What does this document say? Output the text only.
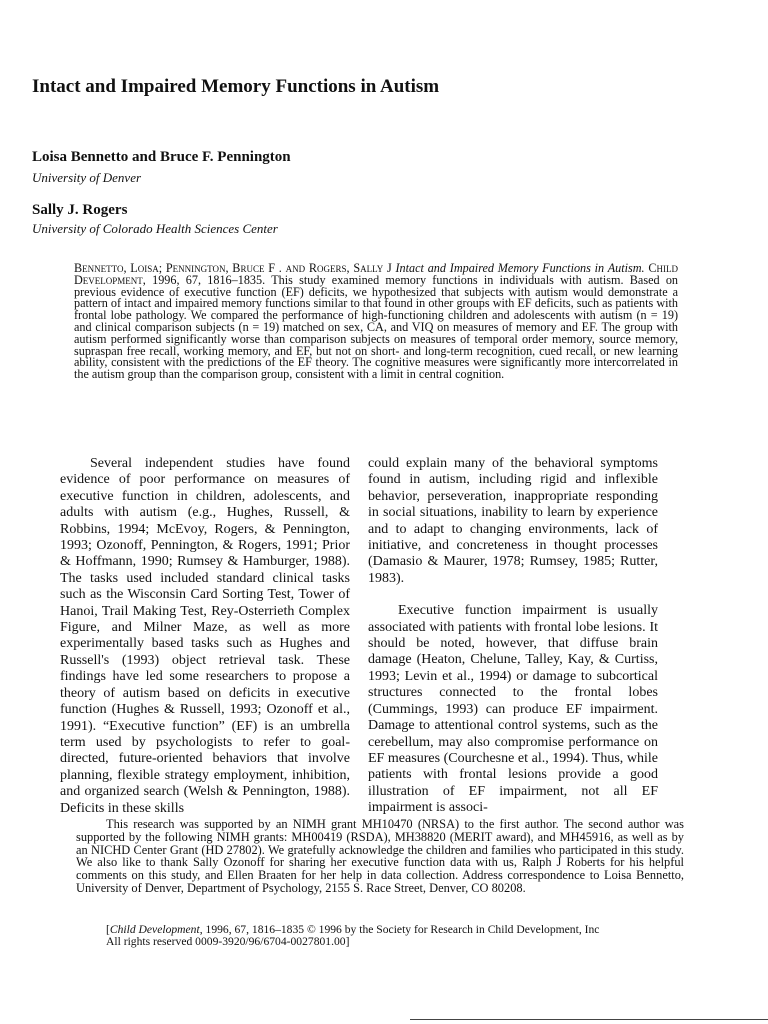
Intact and Impaired Memory Functions in Autism
Loisa Bennetto and Bruce F. Pennington
University of Denver
Sally J. Rogers
University of Colorado Health Sciences Center
Bennetto, Loisa; Pennington, Bruce F . and Rogers, Sally J Intact and Impaired Memory Functions in Autism. Child Development, 1996, 67, 1816–1835. This study examined memory functions in individuals with autism. Based on previous evidence of executive function (EF) deficits, we hypothesized that subjects with autism would demonstrate a pattern of intact and impaired memory functions similar to that found in other groups with EF deficits, such as patients with frontal lobe pathology. We compared the performance of high-functioning children and adolescents with autism (n = 19) and clinical comparison subjects (n = 19) matched on sex, CA, and VIQ on measures of memory and EF. The group with autism performed significantly worse than comparison subjects on measures of temporal order memory, source memory, supraspan free recall, working memory, and EF, but not on short- and long-term recognition, cued recall, or new learning ability, consistent with the predictions of the EF theory. The cognitive measures were significantly more intercorrelated in the autism group than the comparison group, consistent with a limit in central cognition.

Several independent studies have found evidence of poor performance on measures of executive function in children, adolescents, and adults with autism (e.g., Hughes, Russell, & Robbins, 1994; McEvoy, Rogers, & Pennington, 1993; Ozonoff, Pennington, & Rogers, 1991; Prior & Hoffmann, 1990; Rumsey & Hamburger, 1988). The tasks used included standard clinical tasks such as the Wisconsin Card Sorting Test, Tower of Hanoi, Trail Making Test, Rey-Osterrieth Complex Figure, and Milner Maze, as well as more experimentally based tasks such as Hughes and Russell's (1993) object retrieval task. These findings have led some researchers to propose a theory of autism based on deficits in executive function (Hughes & Russell, 1993; Ozonoff et al., 1991). “Executive function” (EF) is an umbrella term used by psychologists to refer to goal-directed, future-oriented behaviors that involve planning, flexible strategy employment, inhibition, and organized search (Welsh & Pennington, 1988). Deficits in these skills

could explain many of the behavioral symptoms found in autism, including rigid and inflexible behavior, perseveration, inappropriate responding in social situations, inability to learn by experience and to adapt to changing environments, lack of initiative, and concreteness in thought processes (Damasio & Maurer, 1978; Rumsey, 1985; Rutter, 1983).

Executive function impairment is usually associated with patients with frontal lobe lesions. It should be noted, however, that diffuse brain damage (Heaton, Chelune, Talley, Kay, & Curtiss, 1993; Levin et al., 1994) or damage to subcortical structures connected to the frontal lobes (Cummings, 1993) can produce EF impairment. Damage to attentional control systems, such as the cerebellum, may also compromise performance on EF measures (Courchesne et al., 1994). Thus, while patients with frontal lesions provide a good illustration of EF impairment, not all EF impairment is associ-

This research was supported by an NIMH grant MH10470 (NRSA) to the first author. The second author was supported by the following NIMH grants: MH00419 (RSDA), MH38820 (MERIT award), and MH45916, as well as by an NICHD Center Grant (HD 27802). We gratefully acknowledge the children and families who participated in this study. We also like to thank Sally Ozonoff for sharing her executive function data with us, Ralph J Roberts for his helpful comments on this study, and Ellen Braaten for her help in data collection. Address correspondence to Loisa Bennetto, University of Denver, Department of Psychology, 2155 S. Race Street, Denver, CO 80208.
[Child Development, 1996, 67, 1816–1835 © 1996 by the Society for Research in Child Development, Inc
All rights reserved 0009-3920/96/6704-0027801.00]
